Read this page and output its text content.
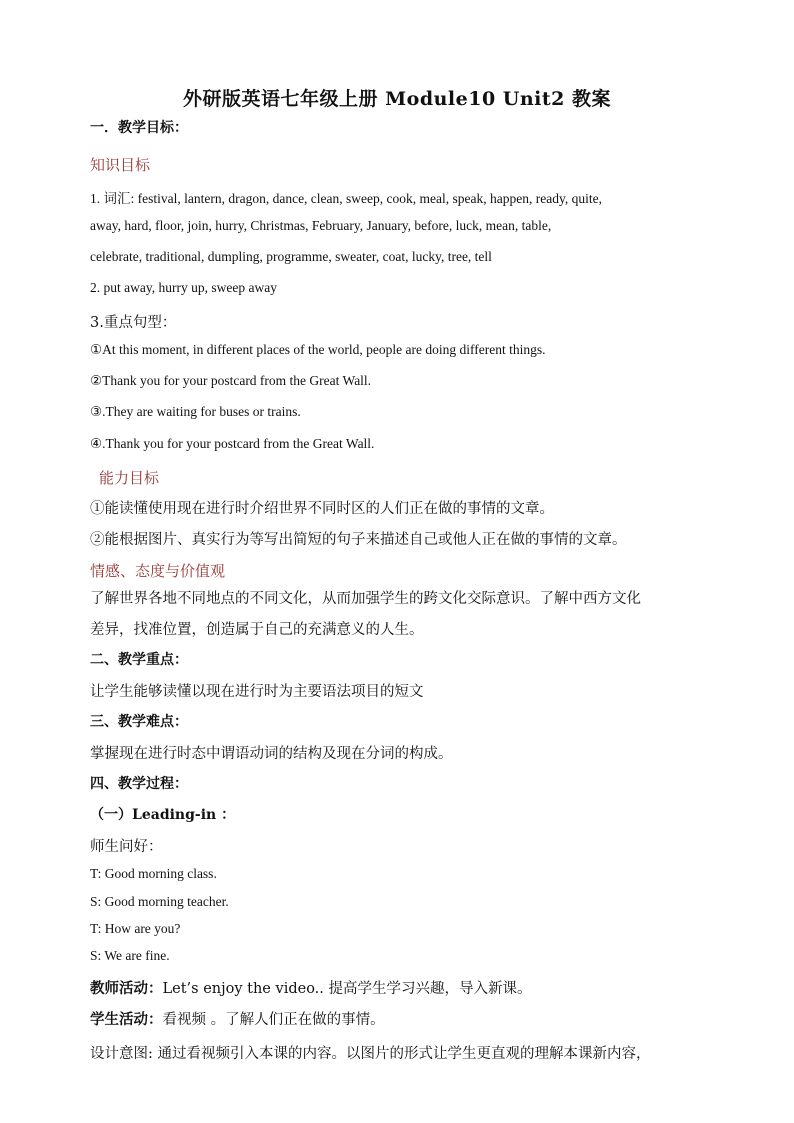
外研版英语七年级上册 Module10 Unit2 教案
一．教学目标：
知识目标
1. 词汇: festival, lantern, dragon, dance, clean, sweep, cook, meal, speak, happen, ready, quite,
away, hard, floor, join, hurry, Christmas, February, January, before, luck, mean, table,
celebrate, traditional, dumpling, programme, sweater, coat, lucky, tree, tell
2. put away, hurry up, sweep away
3.重点句型：
①At this moment, in different places of the world, people are doing different things.
②Thank you for your postcard from the Great Wall.
③.They are waiting for buses or trains.
④.Thank you for your postcard from the Great Wall.
能力目标
①能读懂使用现在进行时介绍世界不同时区的人们正在做的事情的文章。
②能根据图片、真实行为等写出简短的句子来描述自己或他人正在做的事情的文章。
情感、态度与价值观
了解世界各地不同地点的不同文化，从而加强学生的跨文化交际意识。了解中西方文化
差异，找准位置，创造属于自己的充满意义的人生。
二、教学重点：
让学生能够读懂以现在进行时为主要语法项目的短文
三、教学难点：
掌握现在进行时态中谓语动词的结构及现在分词的构成。
四、教学过程：
（一）Leading-in ：
师生问好：
T: Good morning class.
S: Good morning teacher.
T: How are you?
S: We are fine.
教师活动：Let’s enjoy the video.. 提高学生学习兴趣，导入新课。
学生活动：看视频 。了解人们正在做的事情。
设计意图: 通过看视频引入本课的内容。以图片的形式让学生更直观的理解本课新内容，
